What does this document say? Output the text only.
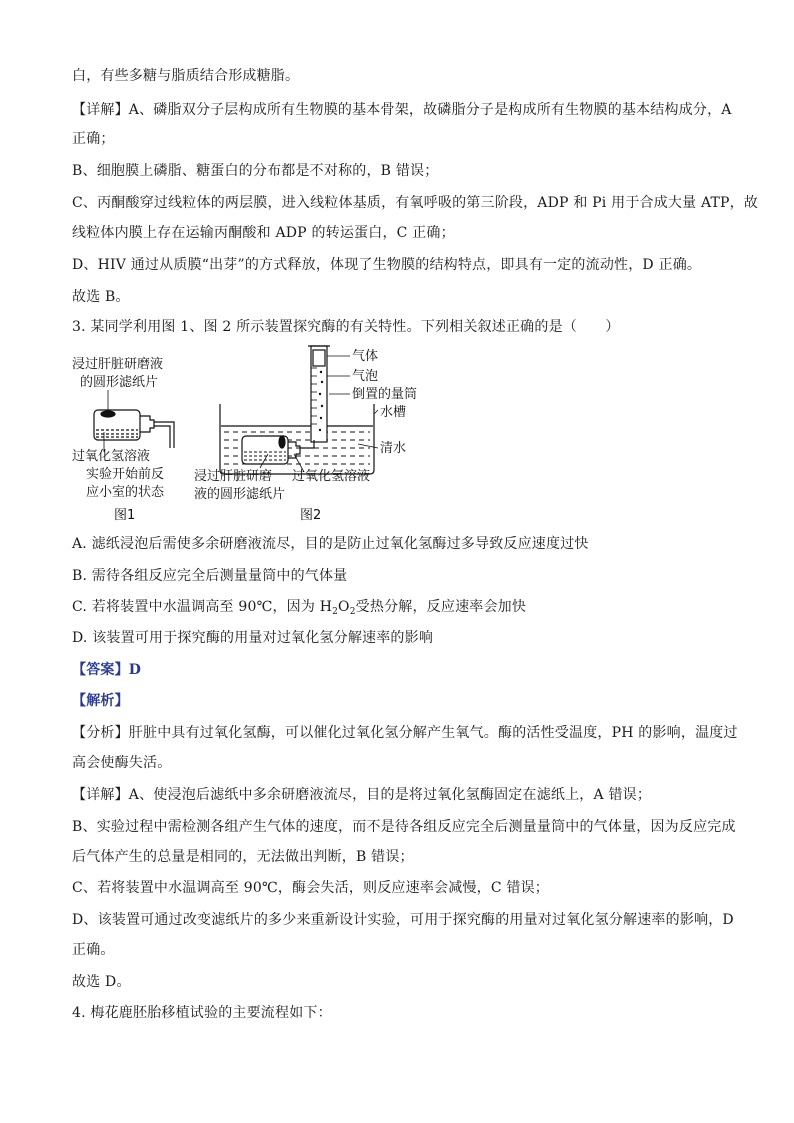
白，有些多糖与脂质结合形成糖脂。
【详解】A、磷脂双分子层构成所有生物膜的基本骨架，故磷脂分子是构成所有生物膜的基本结构成分，A
正确；
B、细胞膜上磷脂、糖蛋白的分布都是不对称的，B 错误；
C、丙酮酸穿过线粒体的两层膜，进入线粒体基质，有氧呼吸的第三阶段，ADP 和 Pi 用于合成大量 ATP，故
线粒体内膜上存在运输丙酮酸和 ADP 的转运蛋白，C 正确；
D、HIV 通过从质膜“出芽”的方式释放，体现了生物膜的结构特点，即具有一定的流动性，D 正确。
故选 B。
3. 某同学利用图 1、图 2 所示装置探究酶的有关特性。下列相关叙述正确的是（　　）
浸过肝脏研磨液
的圆形滤纸片
过氧化氢溶液
实验开始前反
应小室的状态
图1
气体
气泡
倒置的量筒
水槽
清水
浸过肝脏研磨
液的圆形滤纸片
过氧化氢溶液
图2
A. 滤纸浸泡后需使多余研磨液流尽，目的是防止过氧化氢酶过多导致反应速度过快
B. 需待各组反应完全后测量量筒中的气体量
C. 若将装置中水温调高至 90℃，因为 $H_2O_2$受热分解，反应速率会加快
D. 该装置可用于探究酶的用量对过氧化氢分解速率的影响
【答案】D
【解析】
【分析】肝脏中具有过氧化氢酶，可以催化过氧化氢分解产生氧气。酶的活性受温度，PH 的影响，温度过
高会使酶失活。
【详解】A、使浸泡后滤纸中多余研磨液流尽，目的是将过氧化氢酶固定在滤纸上，A 错误；
B、实验过程中需检测各组产生气体的速度，而不是待各组反应完全后测量量筒中的气体量，因为反应完成
后气体产生的总量是相同的，无法做出判断，B 错误；
C、若将装置中水温调高至 90℃，酶会失活，则反应速率会减慢，C 错误；
D、该装置可通过改变滤纸片的多少来重新设计实验，可用于探究酶的用量对过氧化氢分解速率的影响，D
正确。
故选 D。
4. 梅花鹿胚胎移植试验的主要流程如下：
